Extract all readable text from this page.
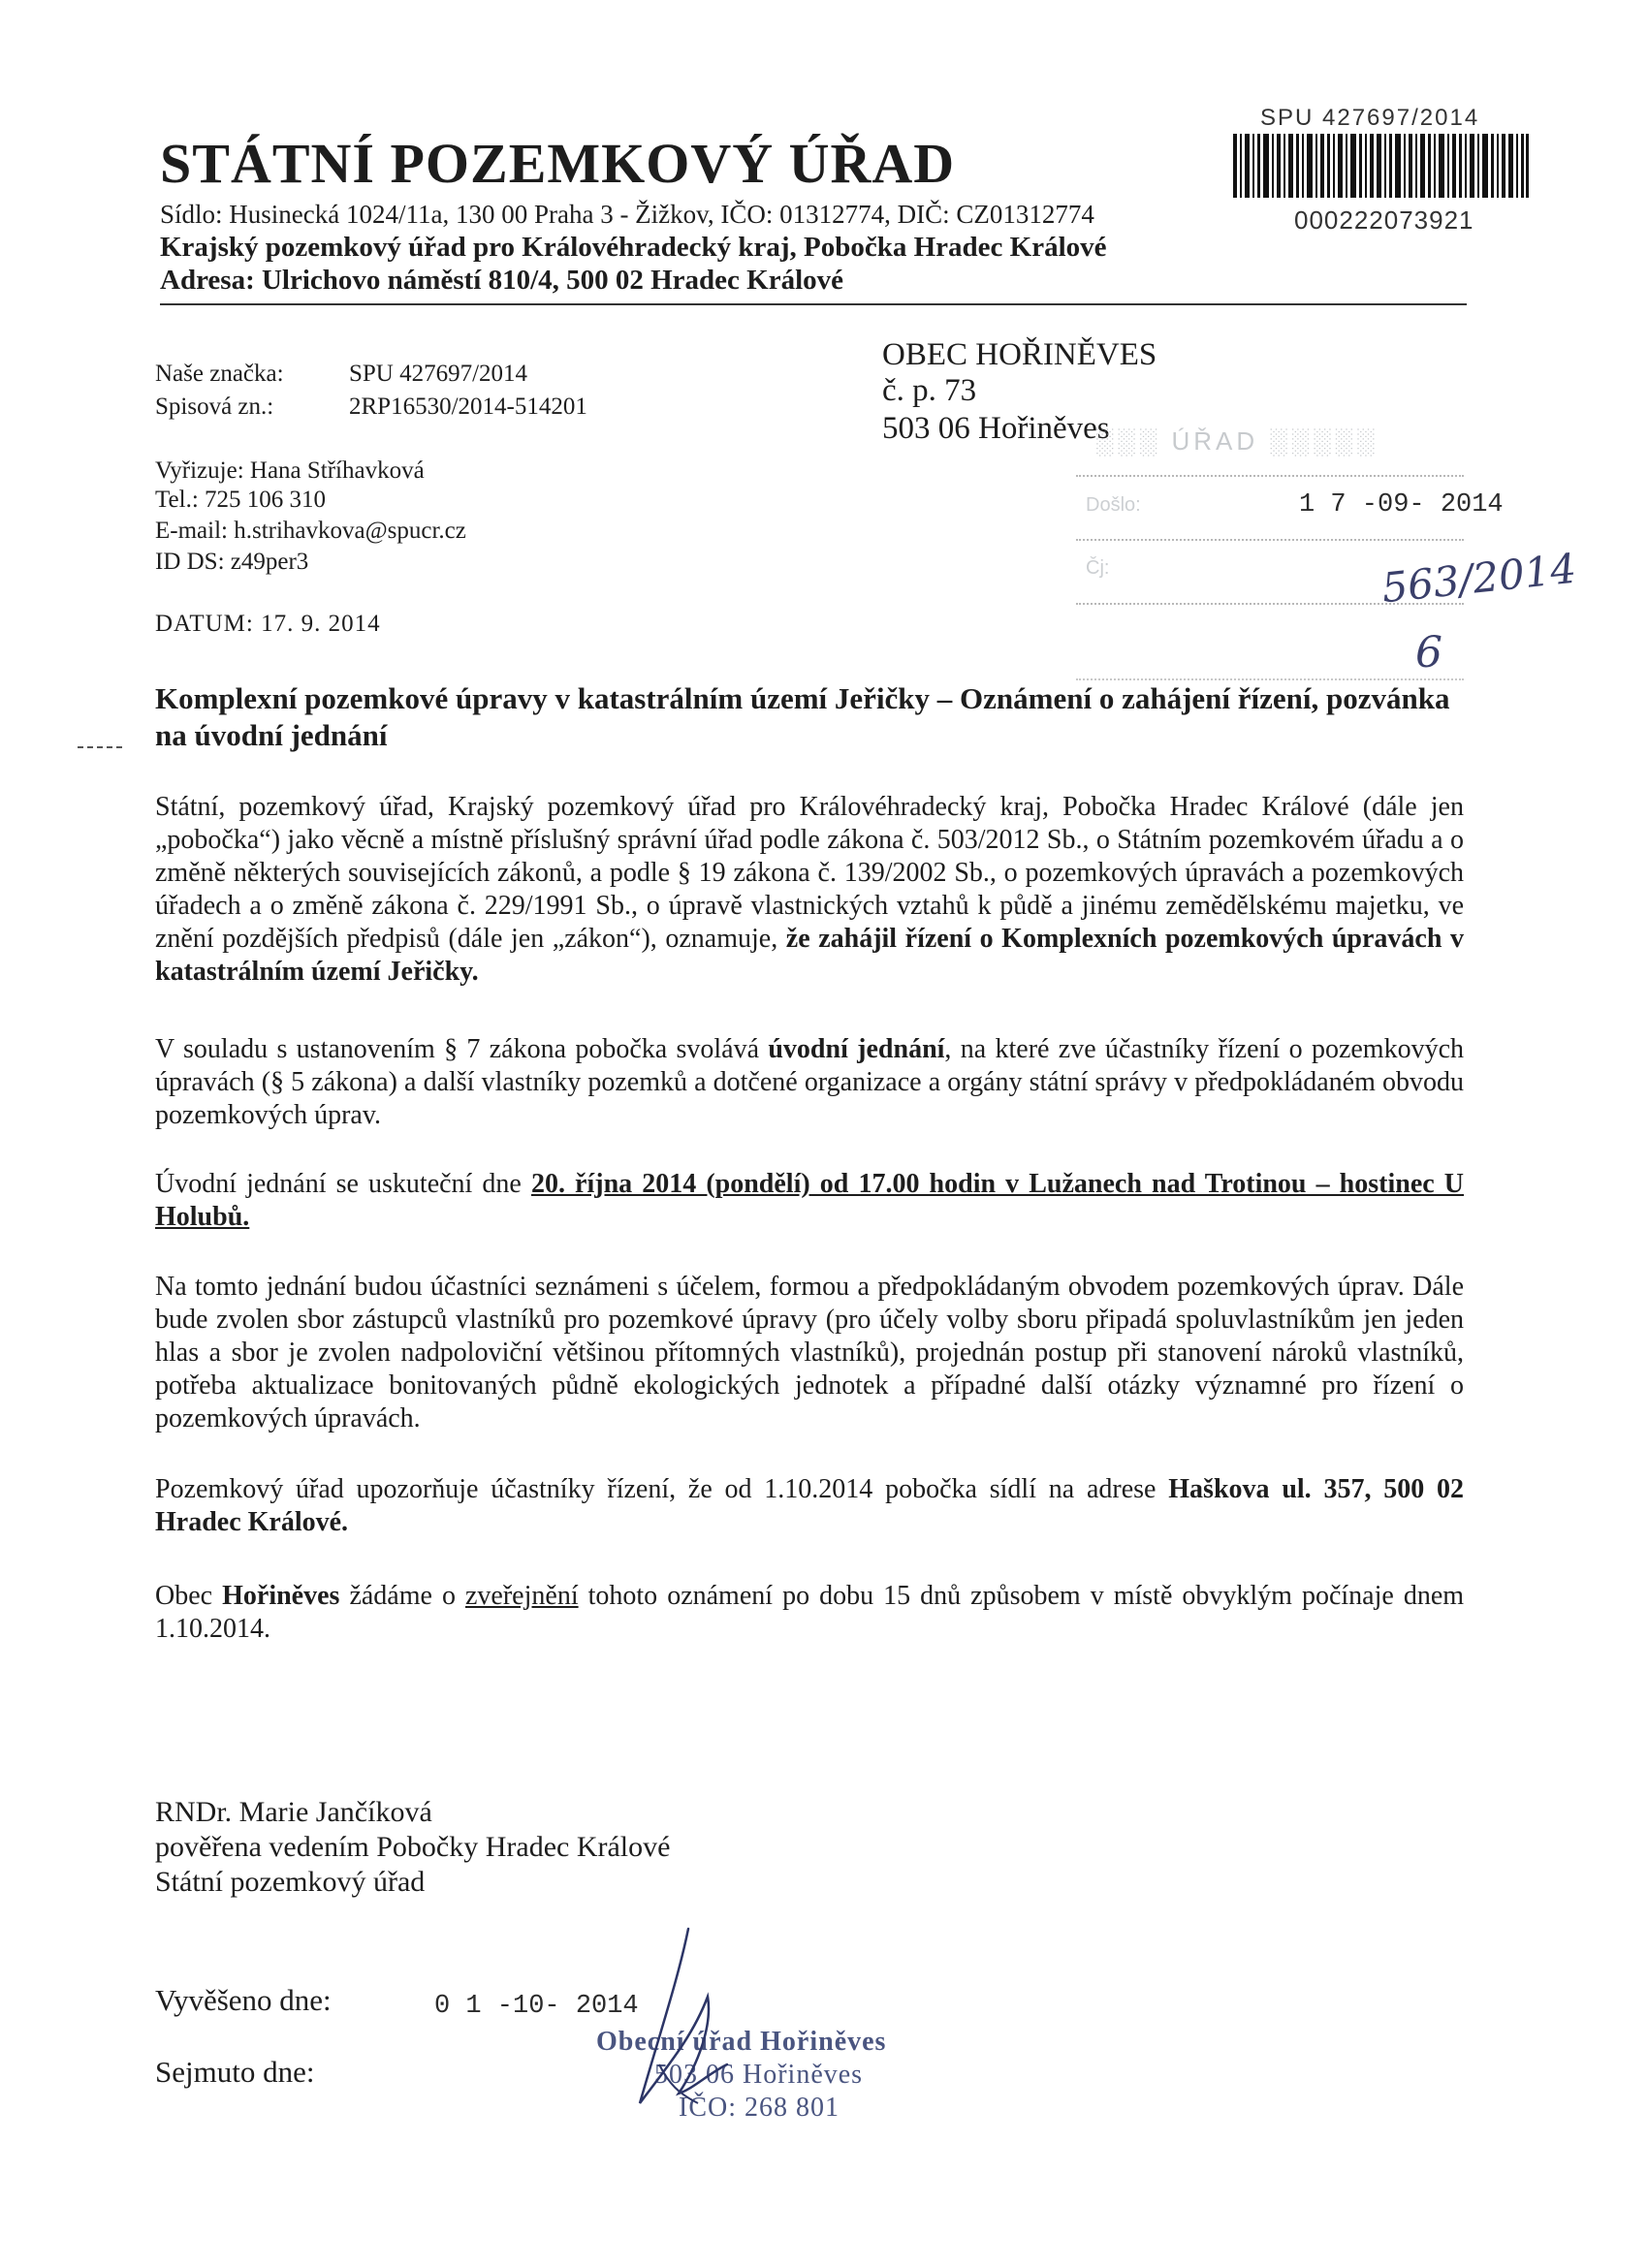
STÁTNÍ POZEMKOVÝ ÚŘAD
Sídlo: Husinecká 1024/11a, 130 00 Praha 3 - Žižkov, IČO: 01312774, DIČ: CZ01312774
Krajský pozemkový úřad pro Královéhradecký kraj, Pobočka Hradec Králové
Adresa: Ulrichovo náměstí 810/4, 500 02 Hradec Králové
SPU 427697/2014
000222073921
Naše značka:	SPU 427697/2014
Spisová zn.:	2RP16530/2014-514201
Vyřizuje: Hana Stříhavková
Tel.: 725 106 310
E-mail: h.strihavkova@spucr.cz
ID DS: z49per3
DATUM: 17. 9. 2014
OBEC HOŘINĚVES
č. p. 73
503 06 Hořiněves
░░░ ÚŘAD ░░░░░
Došlo:	1 7 -09- 2014
Čj:	563/2014
6
Komplexní pozemkové úpravy v katastrálním území Jeřičky – Oznámení o zahájení řízení, pozvánka na úvodní jednání
Státní, pozemkový úřad, Krajský pozemkový úřad pro Královéhradecký kraj, Pobočka Hradec Králové (dále jen „pobočka“) jako věcně a místně příslušný správní úřad podle zákona č. 503/2012 Sb., o Státním pozemkovém úřadu a o změně některých souvisejících zákonů, a podle § 19 zákona č. 139/2002 Sb., o pozemkových úpravách a pozemkových úřadech a o změně zákona č. 229/1991 Sb., o úpravě vlastnických vztahů k půdě a jinému zemědělskému majetku, ve znění pozdějších předpisů (dále jen „zákon“), oznamuje, že zahájil řízení o Komplexních pozemkových úpravách v katastrálním území Jeřičky.
V souladu s ustanovením § 7 zákona pobočka svolává úvodní jednání, na které zve účastníky řízení o pozemkových úpravách (§ 5 zákona) a další vlastníky pozemků a dotčené organizace a orgány státní správy v předpokládaném obvodu pozemkových úprav.
Úvodní jednání se uskuteční dne 20. října 2014 (pondělí) od 17.00 hodin v Lužanech nad Trotinou – hostinec U Holubů.
Na tomto jednání budou účastníci seznámeni s účelem, formou a předpokládaným obvodem pozemkových úprav. Dále bude zvolen sbor zástupců vlastníků pro pozemkové úpravy (pro účely volby sboru připadá spoluvlastníkům jen jeden hlas a sbor je zvolen nadpoloviční většinou přítomných vlastníků), projednán postup při stanovení nároků vlastníků, potřeba aktualizace bonitovaných půdně ekologických jednotek a případné další otázky významné pro řízení o pozemkových úpravách.
Pozemkový úřad upozorňuje účastníky řízení, že od 1.10.2014 pobočka sídlí na adrese Haškova ul. 357, 500 02 Hradec Králové.
Obec Hořiněves žádáme o zveřejnění tohoto oznámení po dobu 15 dnů způsobem v místě obvyklým počínaje dnem 1.10.2014.
RNDr. Marie Jančíková
pověřena vedením Pobočky Hradec Králové
Státní pozemkový úřad
Vyvěšeno dne:	0 1 -10- 2014
Sejmuto dne:
Obecní úřad Hořiněves
503 06 Hořiněves
IČO: 268 801
